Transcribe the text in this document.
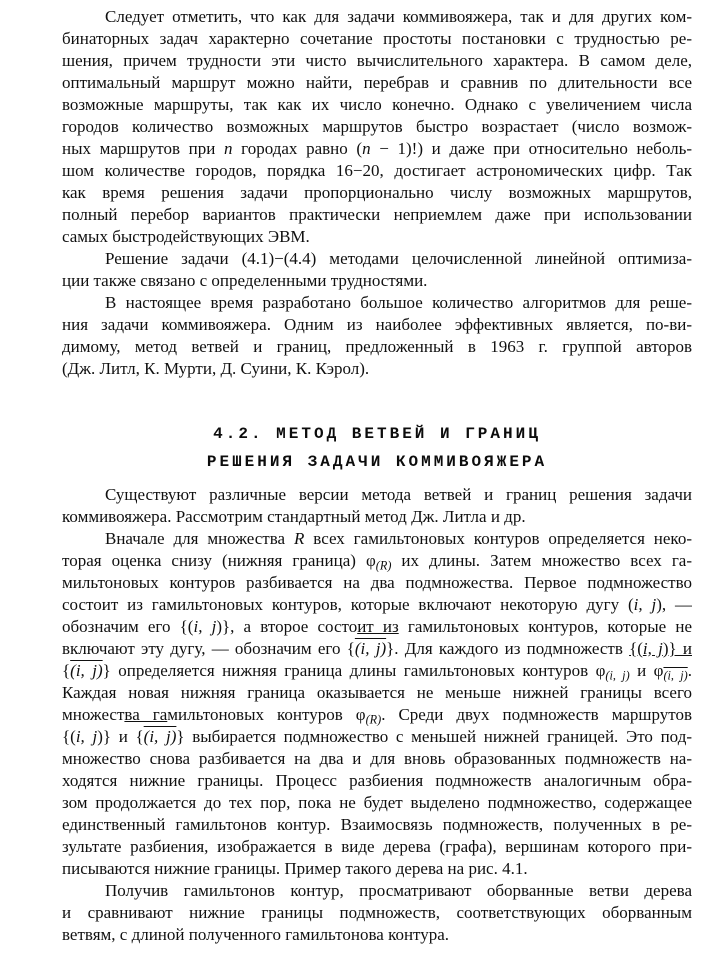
Следует отметить, что как для задачи коммивояжера, так и для других ком-
бинаторных задач характерно сочетание простоты постановки с трудностью ре-
шения, причем трудности эти чисто вычислительного характера. В самом деле,
оптимальный маршрут можно найти, перебрав и сравнив по длительности все
возможные маршруты, так как их число конечно. Однако с увеличением числа
городов количество возможных маршрутов быстро возрастает (число возмож-
ных маршрутов при n городах равно (n − 1)!) и даже при относительно неболь-
шом количестве городов, порядка 16−20, достигает астрономических цифр. Так
как время решения задачи пропорционально числу возможных маршрутов,
полный перебор вариантов практически неприемлем даже при использовании
самых быстродействующих ЭВМ.
Решение задачи (4.1)−(4.4) методами целочисленной линейной оптимиза-
ции также связано с определенными трудностями.
В настоящее время разработано большое количество алгоритмов для реше-
ния задачи коммивояжера. Одним из наиболее эффективных является, по-ви-
димому, метод ветвей и границ, предложенный в 1963 г. группой авторов
(Дж. Литл, К. Мурти, Д. Суини, К. Кэрол).
4.2. МЕТОД ВЕТВЕЙ И ГРАНИЦ
РЕШЕНИЯ ЗАДАЧИ КОММИВОЯЖЕРА
Существуют различные версии метода ветвей и границ решения задачи
коммивояжера. Рассмотрим стандартный метод Дж. Литла и др.
Вначале для множества R всех гамильтоновых контуров определяется неко-
торая оценка снизу (нижняя граница) $\varphi_{(R)}$ их длины. Затем множество всех га-
мильтоновых контуров разбивается на два подмножества. Первое подмножество
состоит из гамильтоновых контуров, которые включают некоторую дугу (i, j), —
обозначим его {(i, j)}, а второе состоит из гамильтоновых контуров, которые не
включают эту дугу, — обозначим его {(i, j)}. Для каждого из подмножеств {(i, j)} и
{(i, j)} определяется нижняя граница длины гамильтоновых контуров $\varphi_{(i, j)}$ и $\varphi_{(i, j)}$.
Каждая новая нижняя граница оказывается не меньше нижней границы всего
множества гамильтоновых контуров $\varphi_{(R)}$. Среди двух подмножеств маршрутов
{(i, j)} и {(i, j)} выбирается подмножество с меньшей нижней границей. Это под-
множество снова разбивается на два и для вновь образованных подмножеств на-
ходятся нижние границы. Процесс разбиения подмножеств аналогичным обра-
зом продолжается до тех пор, пока не будет выделено подмножество, содержащее
единственный гамильтонов контур. Взаимосвязь подмножеств, полученных в ре-
зультате разбиения, изображается в виде дерева (графа), вершинам которого при-
писываются нижние границы. Пример такого дерева на рис. 4.1.
Получив гамильтонов контур, просматривают оборванные ветви дерева
и сравнивают нижние границы подмножеств, соответствующих оборванным
ветвям, с длиной полученного гамильтонова контура.
